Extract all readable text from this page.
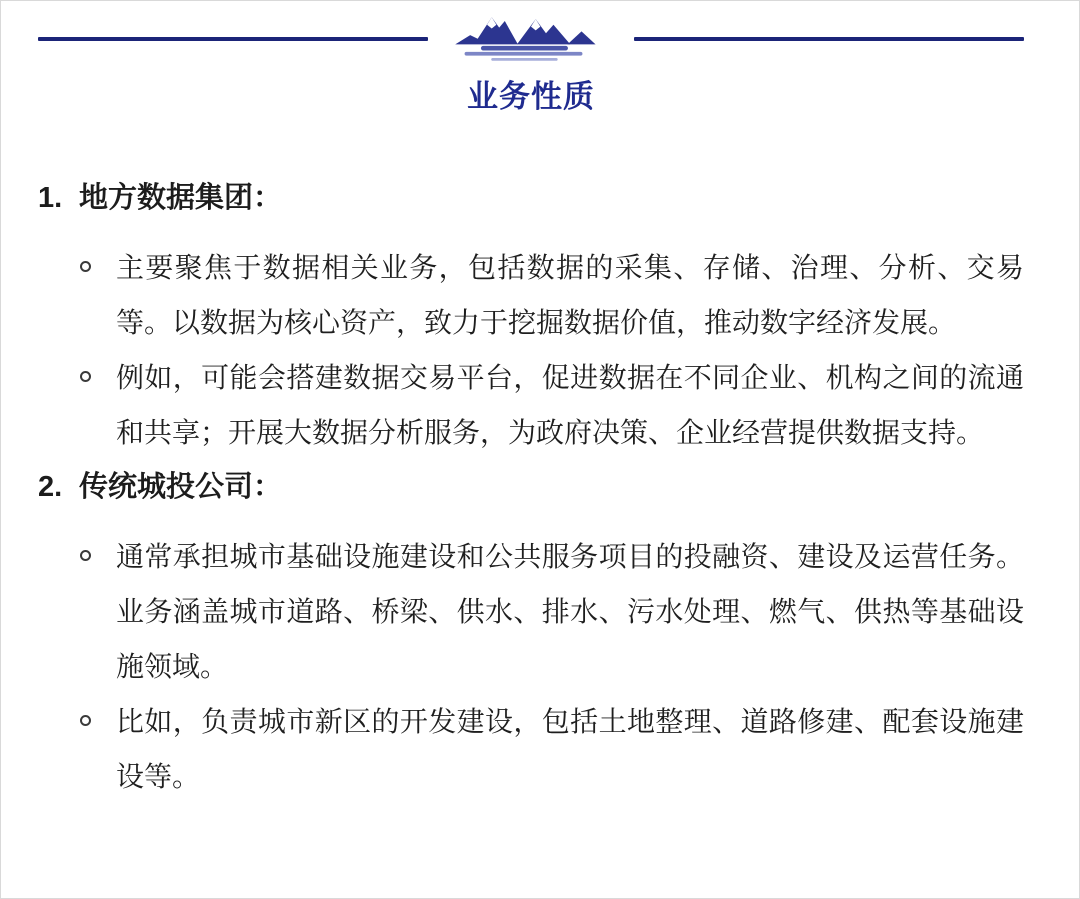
业务性质
1. 地方数据集团：
主要聚焦于数据相关业务，包括数据的采集、存储、治理、分析、交易等。以数据为核心资产，致力于挖掘数据价值，推动数字经济发展。
例如，可能会搭建数据交易平台，促进数据在不同企业、机构之间的流通和共享；开展大数据分析服务，为政府决策、企业经营提供数据支持。
2. 传统城投公司：
通常承担城市基础设施建设和公共服务项目的投融资、建设及运营任务。业务涵盖城市道路、桥梁、供水、排水、污水处理、燃气、供热等基础设施领域。
比如，负责城市新区的开发建设，包括土地整理、道路修建、配套设施建设等。
